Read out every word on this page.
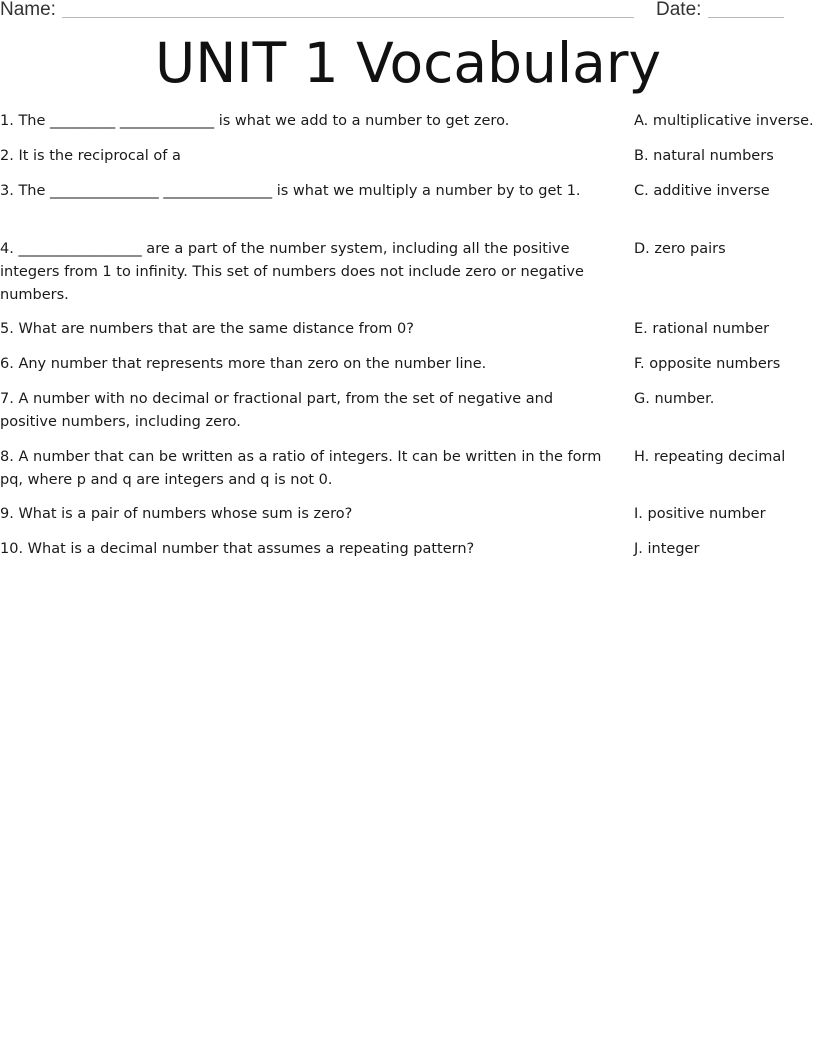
Name:	Date:
UNIT 1 Vocabulary
1. The _________ _____________ is what we add to a number to get zero.
2. It is the reciprocal of a
3. The _______________ _______________ is what we multiply a number by to get 1.
4. _________________ are a part of the number system, including all the positive integers from 1 to infinity. This set of numbers does not include zero or negative numbers.
5. What are numbers that are the same distance from 0?
6. Any number that represents more than zero on the number line.
7. A number with no decimal or fractional part, from the set of negative and positive numbers, including zero.
8. A number that can be written as a ratio of integers. It can be written in the form pq, where p and q are integers and q is not 0.
9. What is a pair of numbers whose sum is zero?
10. What is a decimal number that assumes a repeating pattern?
A. multiplicative inverse.
B. natural numbers
C. additive inverse
D. zero pairs
E. rational number
F. opposite numbers
G. number.
H. repeating decimal
I. positive number
J. integer
